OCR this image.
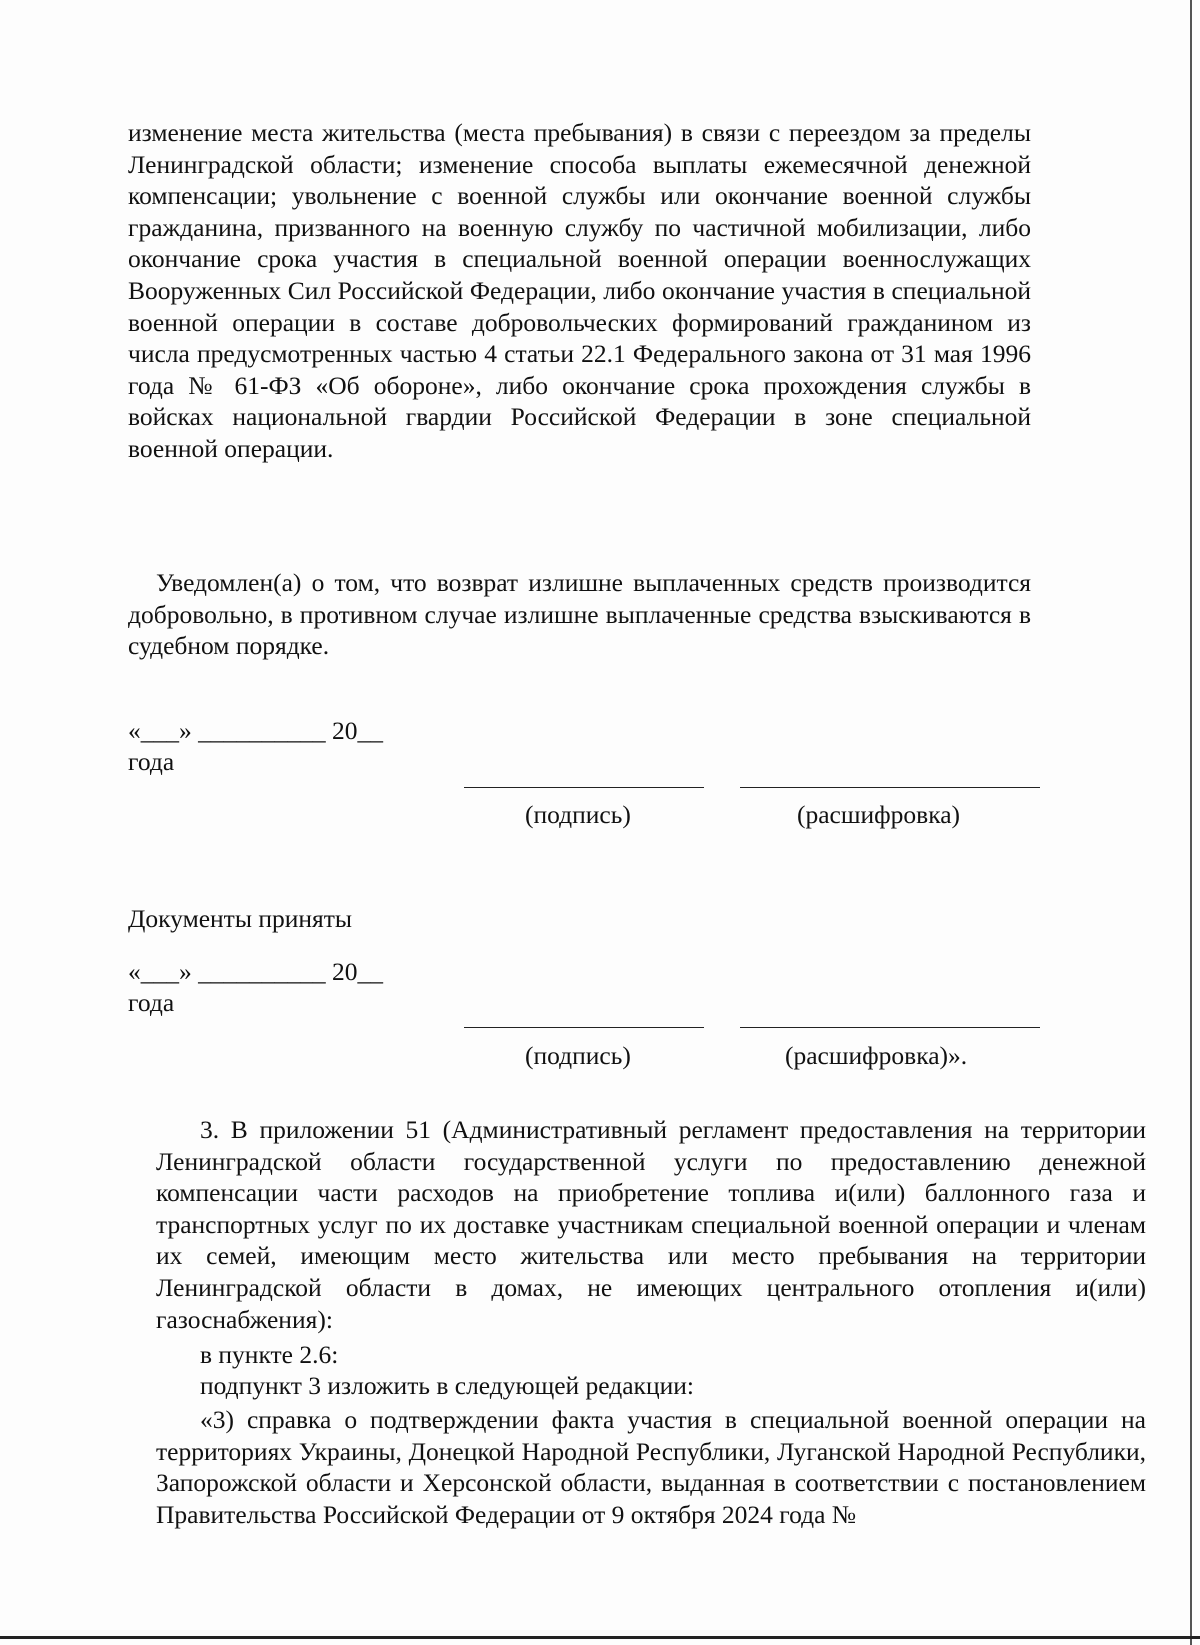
изменение места жительства (места пребывания) в связи с переездом за пределы Ленинградской области; изменение способа выплаты ежемесячной денежной компенсации; увольнение с военной службы или окончание военной службы гражданина, призванного на военную службу по частичной мобилизации, либо окончание срока участия в специальной военной операции военнослужащих Вооруженных Сил Российской Федерации, либо окончание участия в специальной военной операции в составе добровольческих формирований гражданином из числа предусмотренных частью 4 статьи 22.1 Федерального закона от 31 мая 1996 года № 61-ФЗ «Об обороне», либо окончание срока прохождения службы в войсках национальной гвардии Российской Федерации в зоне специальной военной операции.

Уведомлен(а) о том, что возврат излишне выплаченных средств производится добровольно, в противном случае излишне выплаченные средства взыскиваются в судебном порядке.

«___» __________ 20__
года
(подпись)	(расшифровка)
Документы приняты
«___» __________ 20__
года
(подпись)	(расшифровка)».

3. В приложении 51 (Административный регламент предоставления на территории Ленинградской области государственной услуги по предоставлению денежной компенсации части расходов на приобретение топлива и(или) баллонного газа и транспортных услуг по их доставке участникам специальной военной операции и членам их семей, имеющим место жительства или место пребывания на территории Ленинградской области в домах, не имеющих центрального отопления и(или) газоснабжения):

в пункте 2.6:
подпункт 3 изложить в следующей редакции:

«3) справка о подтверждении факта участия в специальной военной операции на территориях Украины, Донецкой Народной Республики, Луганской Народной Республики, Запорожской области и Херсонской области, выданная в соответствии с постановлением Правительства Российской Федерации от 9 октября 2024 года №
